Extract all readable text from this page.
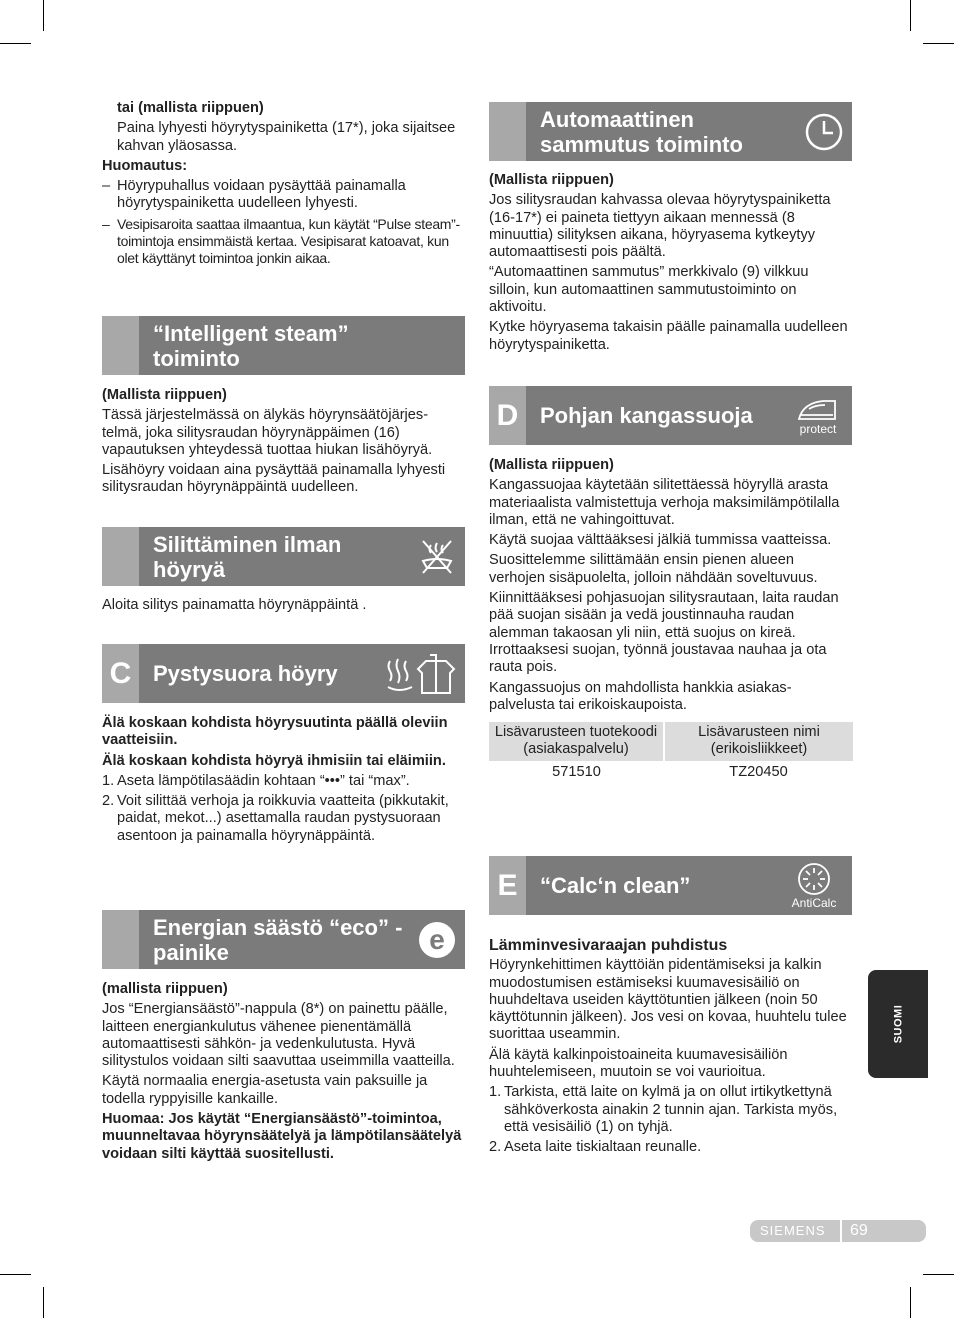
tai (mallista riippuen)

Paina lyhyesti höyrytyspainiketta (17*), joka sijaitsee kahvan yläosassa.

Huomautus:

– Höyrypuhallus voidaan pysäyttää painamalla höyrytyspainiketta uudelleen lyhyesti.
– Vesipisaroita saattaa ilmaantua, kun käytät “Pulse steam”-toimintoja ensimmäistä kertaa. Vesipisarat katoavat, kun olet käyttänyt toimintoa jonkin aikaa.
“Intelligent steam” toiminto

(Mallista riippuen)

Tässä järjestelmässä on älykäs höyrynsäätöjärjes-telmä, joka silitysraudan höyrynäppäimen (16) vapautuksen yhteydessä tuottaa hiukan lisähöyryä.

Lisähöyry voidaan aina pysäyttää painamalla lyhyesti silitysraudan höyrynäppäintä uudelleen.

Silittäminen ilman höyryä

Aloita silitys painamatta höyrynäppäintä .

C Pystysuora höyry

Älä koskaan kohdista höyrysuutinta päällä oleviin vaatteisiin.

Älä koskaan kohdista höyryä ihmisiin tai eläimiin.

1. Aseta lämpötilasäädin kohtaan “•••” tai “max”.
2. Voit silittää verhoja ja roikkuvia vaatteita (pikkutakit, paidat, mekot...) asettamalla raudan pystysuoraan asentoon ja painamalla höyrynäppäintä.
Energian säästö “eco” -painike	e

(mallista riippuen)

Jos “Energiansäästö”-nappula (8*) on painettu päälle, laitteen energiankulutus vähenee pienentämällä automaattisesti sähkön- ja vedenkulutusta. Hyvä silitystulos voidaan silti saavuttaa useimmilla vaatteilla.

Käytä normaalia energia-asetusta vain paksuille ja todella ryppyisille kankaille.

Huomaa: Jos käytät “Energiansäästö”-toimintoa, muunneltavaa höyrynsäätelyä ja lämpötilansäätelyä voidaan silti käyttää suositellusti.

Automaattinen sammutus toiminto

(Mallista riippuen)

Jos silitysraudan kahvassa olevaa höyrytyspainiketta (16-17*) ei paineta tiettyyn aikaan mennessä (8 minuuttia) silityksen aikana, höyryasema kytkeytyy automaattisesti pois päältä.

“Automaattinen sammutus” merkkivalo (9) vilkkuu silloin, kun automaattinen sammutustoiminto on aktivoitu.

Kytke höyryasema takaisin päälle painamalla uudelleen höyrytyspainiketta.

D Pohjan kangassuoja
protect

(Mallista riippuen)

Kangassuojaa käytetään silitettäessä höyryllä arasta materiaalista valmistettuja verhoja maksimilämpötilalla ilman, että ne vahingoittuvat.

Käytä suojaa välttääksesi jälkiä tummissa vaatteissa.

Suosittelemme silittämään ensin pienen alueen verhojen sisäpuolelta, jolloin nähdään soveltuvuus.

Kiinnittääksesi pohjasuojan silitysrautaan, laita raudan pää suojan sisään ja vedä joustinnauha raudan alemman takaosan yli niin, että suojus on kireä. Irrottaaksesi suojan, työnnä joustavaa nauhaa ja ota rauta pois.

Kangassuojus on mahdollista hankkia asiakas-palvelusta tai erikoiskaupoista.

Lisävarusteen tuotekoodi (asiakaspalvelu)	Lisävarusteen nimi (erikoisliikkeet)
571510	TZ20450
E	“Calc‘n clean”
AntiCalc

Lämminvesivaraajan puhdistus

Höyrynkehittimen käyttöiän pidentämiseksi ja kalkin muodostumisen estämiseksi kuumavesisäiliö on huuhdeltava useiden käyttötuntien jälkeen (noin 50 käyttötunnin jälkeen). Jos vesi on kovaa, huuhtelu tulee suorittaa useammin.

Älä käytä kalkinpoistoaineita kuumavesisäiliön huuhtelemiseen, muutoin se voi vaurioitua.

1. Tarkista, että laite on kylmä ja on ollut irtikytkettynä sähköverkosta ainakin 2 tunnin ajan. Tarkista myös, että vesisäiliö (1) on tyhjä.
2. Aseta laite tiskialtaan reunalle.
SUOMI
SIEMENS 69
